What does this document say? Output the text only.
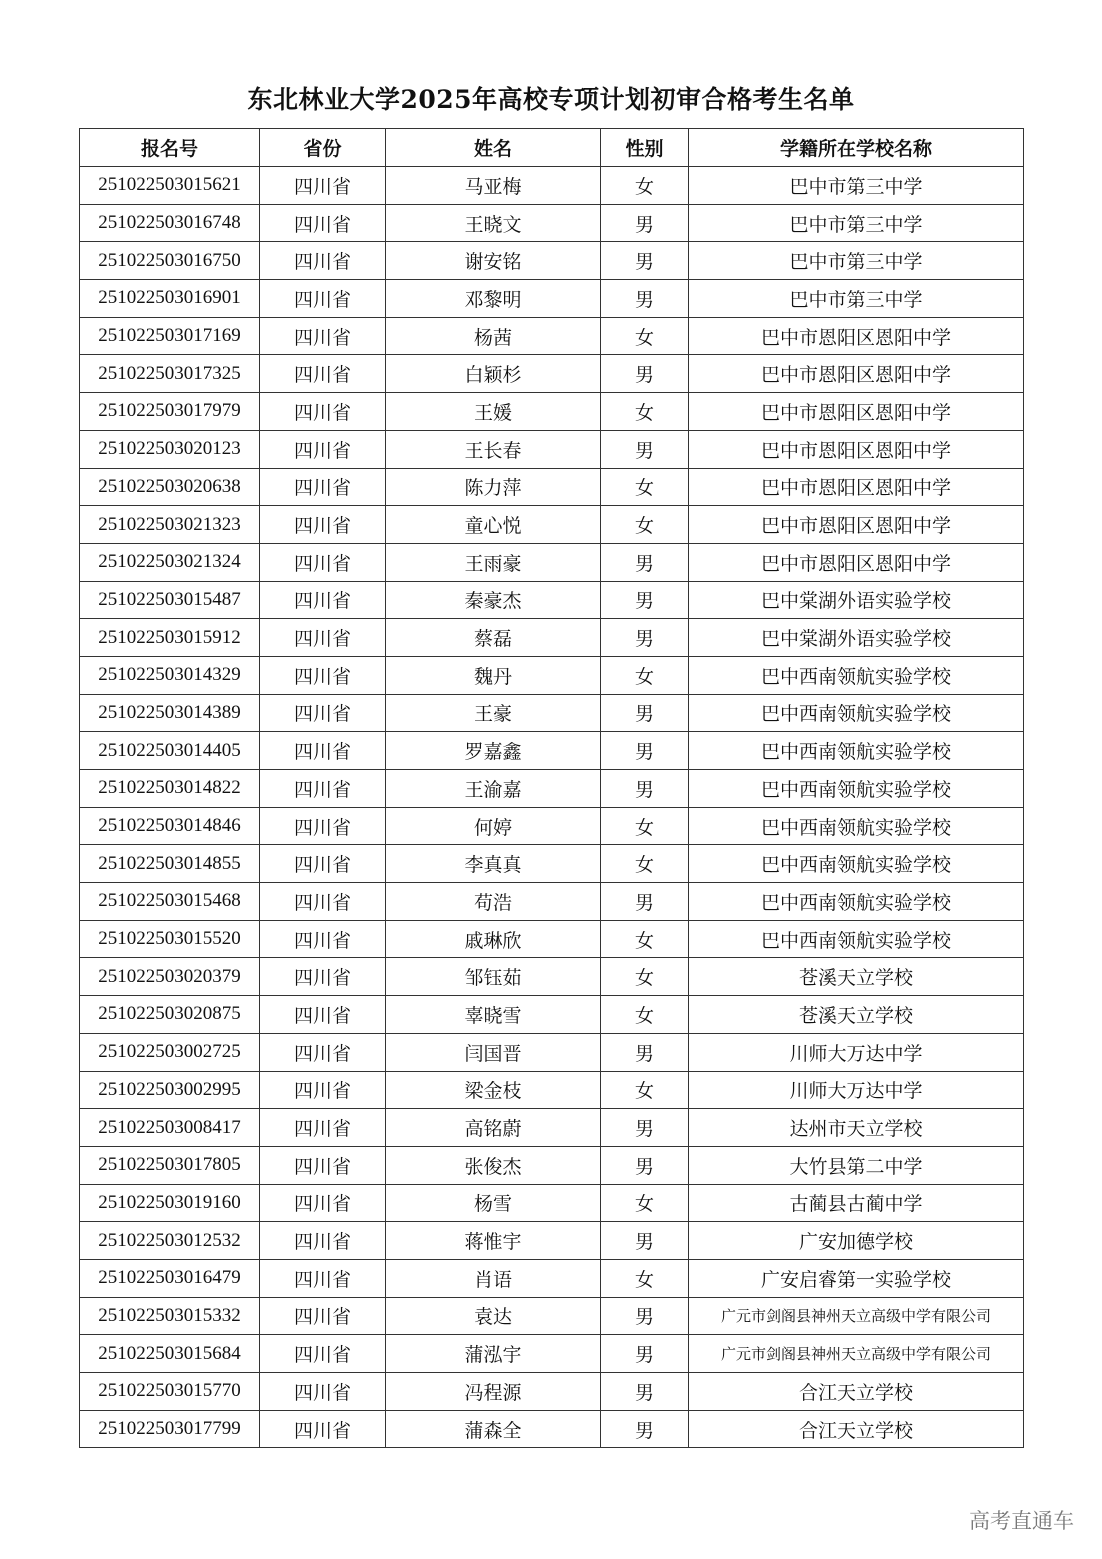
东北林业大学2025年高校专项计划初审合格考生名单
报名号	省份	姓名	性别	学籍所在学校名称
251022503015621	四川省	马亚梅	女	巴中市第三中学
251022503016748	四川省	王晓文	男	巴中市第三中学
251022503016750	四川省	谢安铭	男	巴中市第三中学
251022503016901	四川省	邓黎明	男	巴中市第三中学
251022503017169	四川省	杨茜	女	巴中市恩阳区恩阳中学
251022503017325	四川省	白颖杉	男	巴中市恩阳区恩阳中学
251022503017979	四川省	王媛	女	巴中市恩阳区恩阳中学
251022503020123	四川省	王长春	男	巴中市恩阳区恩阳中学
251022503020638	四川省	陈力萍	女	巴中市恩阳区恩阳中学
251022503021323	四川省	童心悦	女	巴中市恩阳区恩阳中学
251022503021324	四川省	王雨豪	男	巴中市恩阳区恩阳中学
251022503015487	四川省	秦豪杰	男	巴中棠湖外语实验学校
251022503015912	四川省	蔡磊	男	巴中棠湖外语实验学校
251022503014329	四川省	魏丹	女	巴中西南领航实验学校
251022503014389	四川省	王豪	男	巴中西南领航实验学校
251022503014405	四川省	罗嘉鑫	男	巴中西南领航实验学校
251022503014822	四川省	王渝嘉	男	巴中西南领航实验学校
251022503014846	四川省	何婷	女	巴中西南领航实验学校
251022503014855	四川省	李真真	女	巴中西南领航实验学校
251022503015468	四川省	苟浩	男	巴中西南领航实验学校
251022503015520	四川省	戚琳欣	女	巴中西南领航实验学校
251022503020379	四川省	邹钰茹	女	苍溪天立学校
251022503020875	四川省	辜晓雪	女	苍溪天立学校
251022503002725	四川省	闫国晋	男	川师大万达中学
251022503002995	四川省	梁金枝	女	川师大万达中学
251022503008417	四川省	高铭蔚	男	达州市天立学校
251022503017805	四川省	张俊杰	男	大竹县第二中学
251022503019160	四川省	杨雪	女	古蔺县古蔺中学
251022503012532	四川省	蒋惟宇	男	广安加德学校
251022503016479	四川省	肖语	女	广安启睿第一实验学校
251022503015332	四川省	袁达	男	广元市剑阁县神州天立高级中学有限公司
251022503015684	四川省	蒲泓宇	男	广元市剑阁县神州天立高级中学有限公司
251022503015770	四川省	冯程源	男	合江天立学校
251022503017799	四川省	蒲森全	男	合江天立学校
高考直通车
